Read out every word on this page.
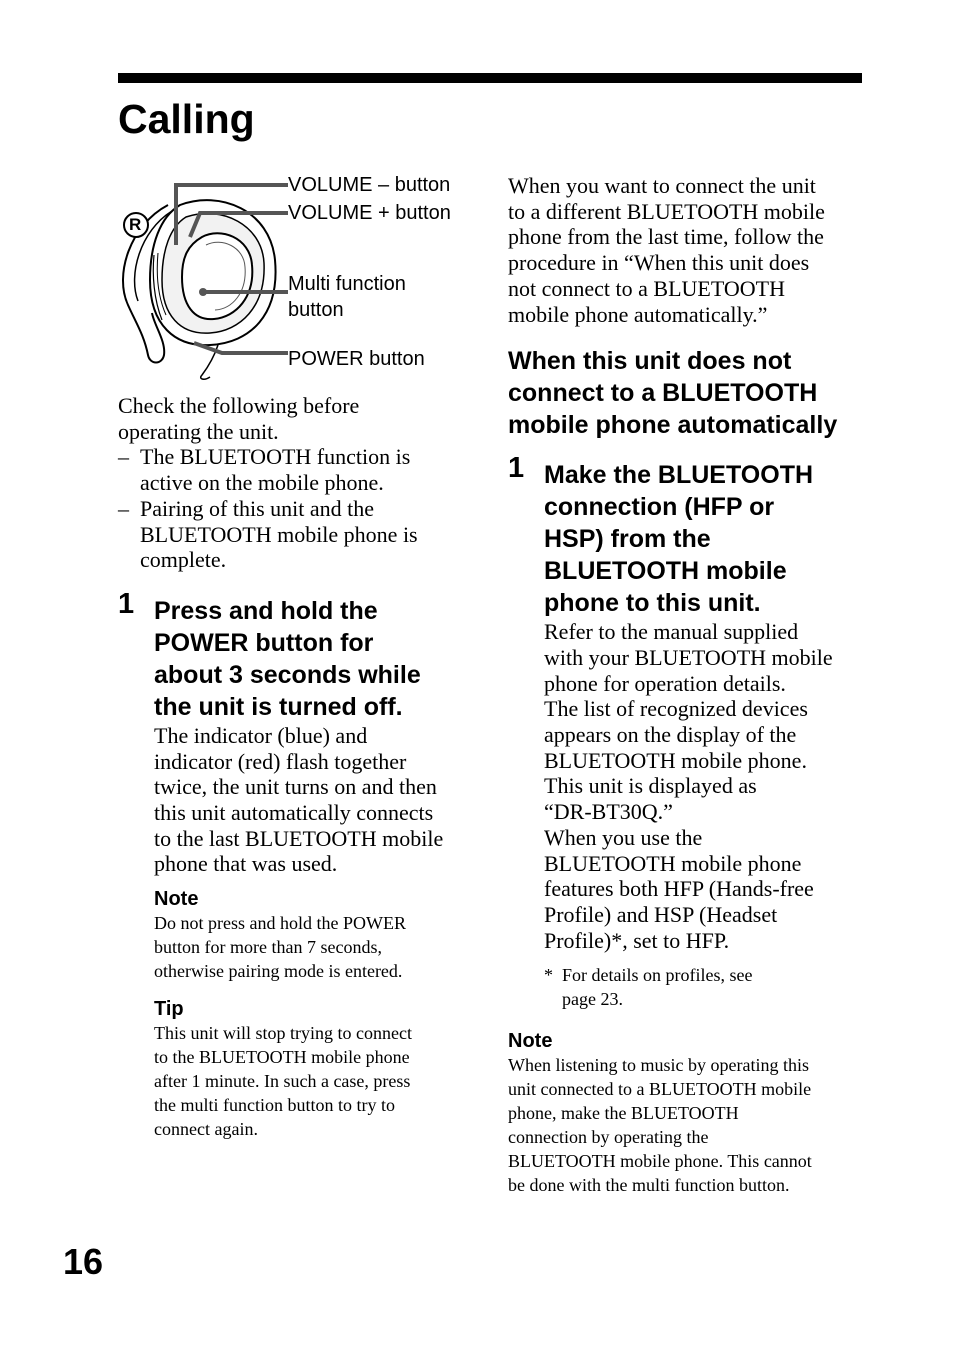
Calling
R

VOLUME – button

VOLUME + button

Multi function

button

POWER button

Check the following before
operating the unit.

– The BLUETOOTH function is
active on the mobile phone.
– Pairing of this unit and the
BLUETOOTH mobile phone is
complete.
1 Press and hold the
POWER button for
about 3 seconds while
the unit is turned off.

The indicator (blue) and
indicator (red) flash together
twice, the unit turns on and then
this unit automatically connects
to the last BLUETOOTH mobile
phone that was used.

Note

Do not press and hold the POWER
button for more than 7 seconds,
otherwise pairing mode is entered.

Tip

This unit will stop trying to connect
to the BLUETOOTH mobile phone
after 1 minute. In such a case, press
the multi function button to try to
connect again.

When you want to connect the unit
to a different BLUETOOTH mobile
phone from the last time, follow the
procedure in “When this unit does
not connect to a BLUETOOTH
mobile phone automatically.”

When this unit does not
connect to a BLUETOOTH
mobile phone automatically
1 Make the BLUETOOTH
connection (HFP or
HSP) from the
BLUETOOTH mobile
phone to this unit.

Refer to the manual supplied
with your BLUETOOTH mobile
phone for operation details.
The list of recognized devices
appears on the display of the
BLUETOOTH mobile phone.
This unit is displayed as
“DR-BT30Q.”
When you use the
BLUETOOTH mobile phone
features both HFP (Hands-free
Profile) and HSP (Headset
Profile)*, set to HFP.

* For details on profiles, see
page 23.

Note

When listening to music by operating this
unit connected to a BLUETOOTH mobile
phone, make the BLUETOOTH
connection by operating the
BLUETOOTH mobile phone. This cannot
be done with the multi function button.

16
